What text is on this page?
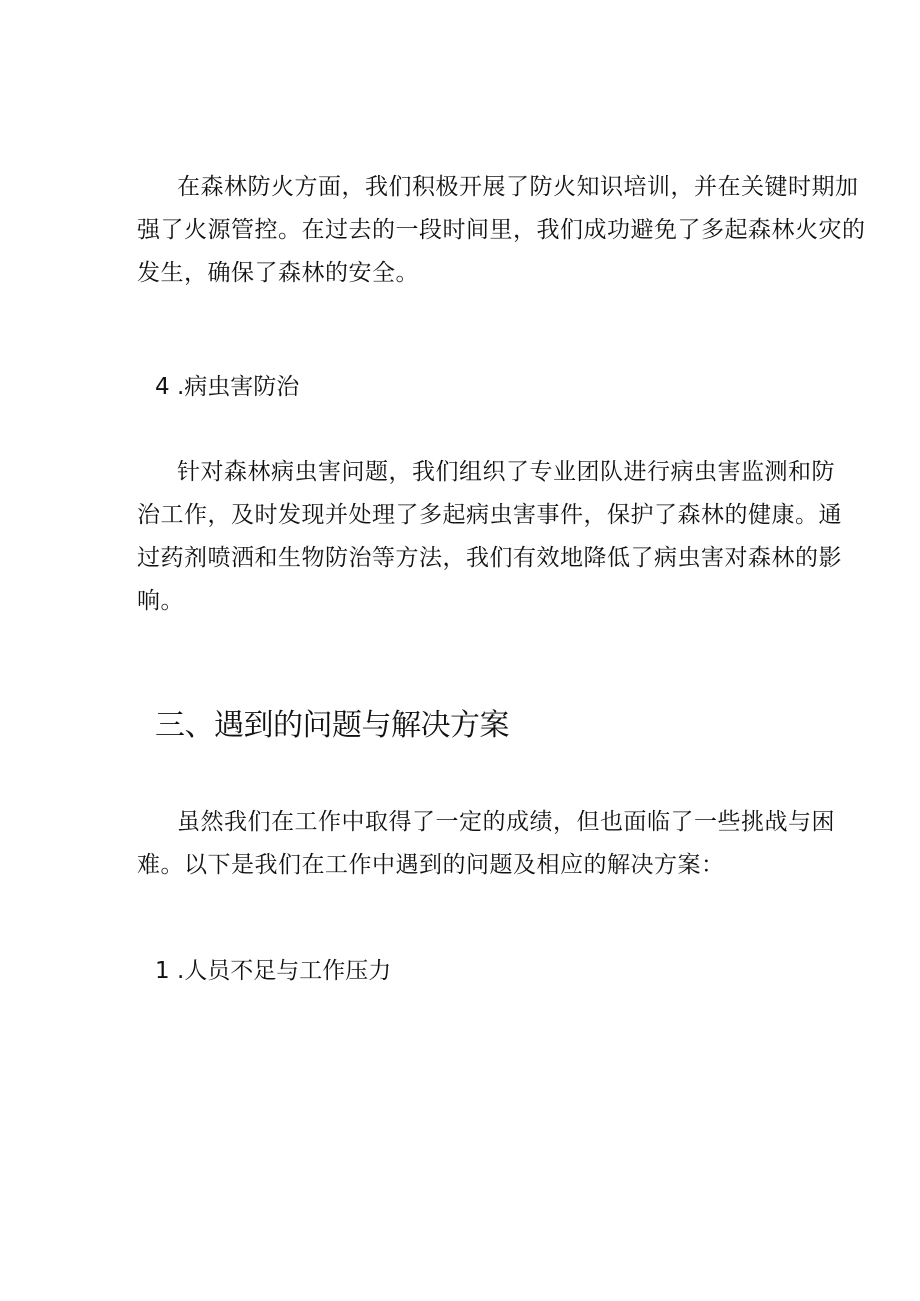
在森林防火方面，我们积极开展了防火知识培训，并在关键时期加
强了火源管控。在过去的一段时间里，我们成功避免了多起森林火灾的
发生，确保了森林的安全。

4 .病虫害防治

针对森林病虫害问题，我们组织了专业团队进行病虫害监测和防
治工作，及时发现并处理了多起病虫害事件，保护了森林的健康。通
过药剂喷洒和生物防治等方法，我们有效地降低了病虫害对森林的影
响。

三、遇到的问题与解决方案

虽然我们在工作中取得了一定的成绩，但也面临了一些挑战与困
难。以下是我们在工作中遇到的问题及相应的解决方案：

1 .人员不足与工作压力
